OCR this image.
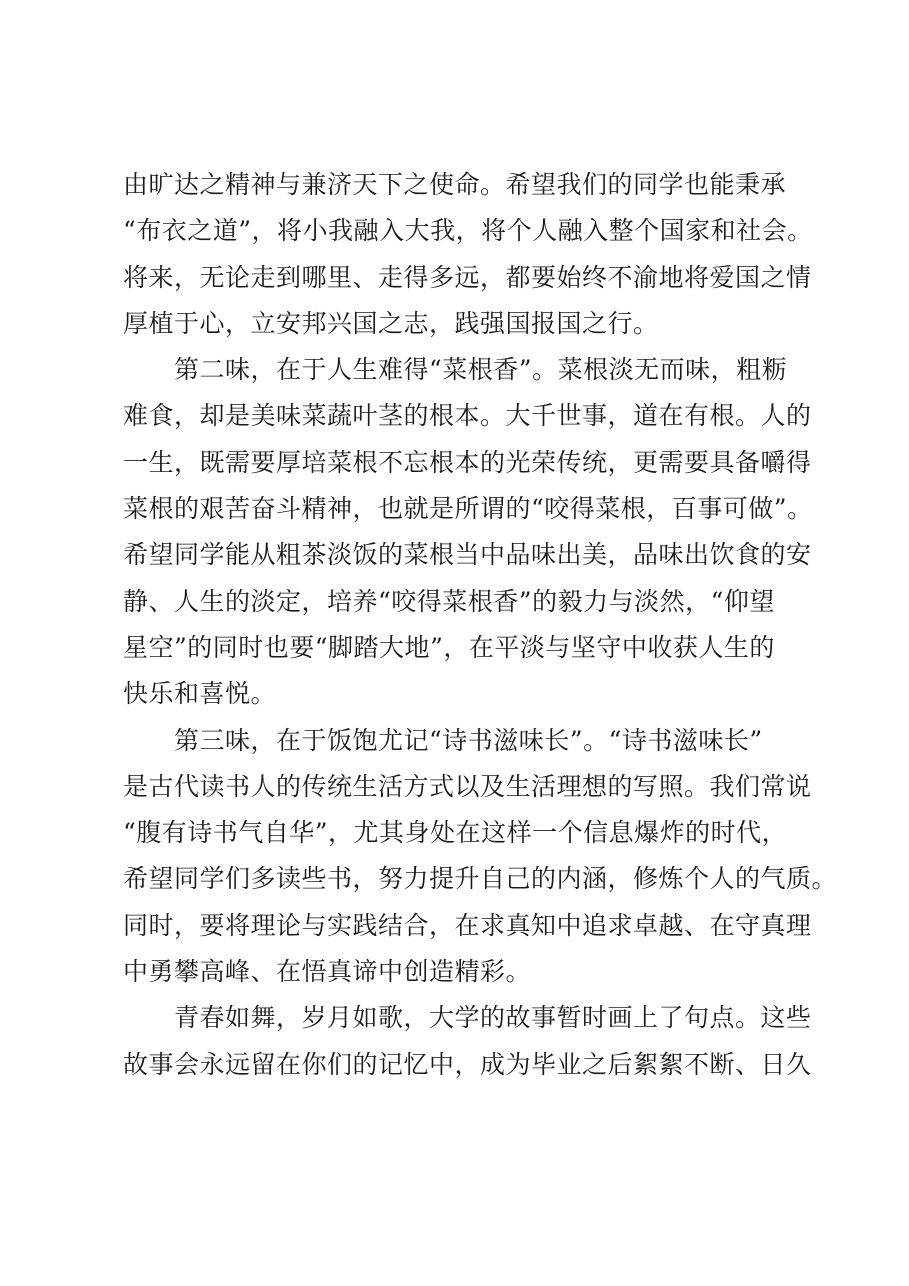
由旷达之精神与兼济天下之使命。希望我们的同学也能秉承
“布衣之道”，将小我融入大我，将个人融入整个国家和社会。
将来，无论走到哪里、走得多远，都要始终不渝地将爱国之情
厚植于心，立安邦兴国之志，践强国报国之行。
　　第二味，在于人生难得“菜根香”。菜根淡无而味，粗粝
难食，却是美味菜蔬叶茎的根本。大千世事，道在有根。人的
一生，既需要厚培菜根不忘根本的光荣传统，更需要具备嚼得
菜根的艰苦奋斗精神，也就是所谓的“咬得菜根，百事可做”。
希望同学能从粗茶淡饭的菜根当中品味出美，品味出饮食的安
静、人生的淡定，培养“咬得菜根香”的毅力与淡然，“仰望
星空”的同时也要“脚踏大地”，在平淡与坚守中收获人生的
快乐和喜悦。
　　第三味，在于饭饱尤记“诗书滋味长”。“诗书滋味长”
是古代读书人的传统生活方式以及生活理想的写照。我们常说
“腹有诗书气自华”，尤其身处在这样一个信息爆炸的时代，
希望同学们多读些书，努力提升自己的内涵，修炼个人的气质。
同时，要将理论与实践结合，在求真知中追求卓越、在守真理
中勇攀高峰、在悟真谛中创造精彩。
　　青春如舞，岁月如歌，大学的故事暂时画上了句点。这些
故事会永远留在你们的记忆中，成为毕业之后絮絮不断、日久
